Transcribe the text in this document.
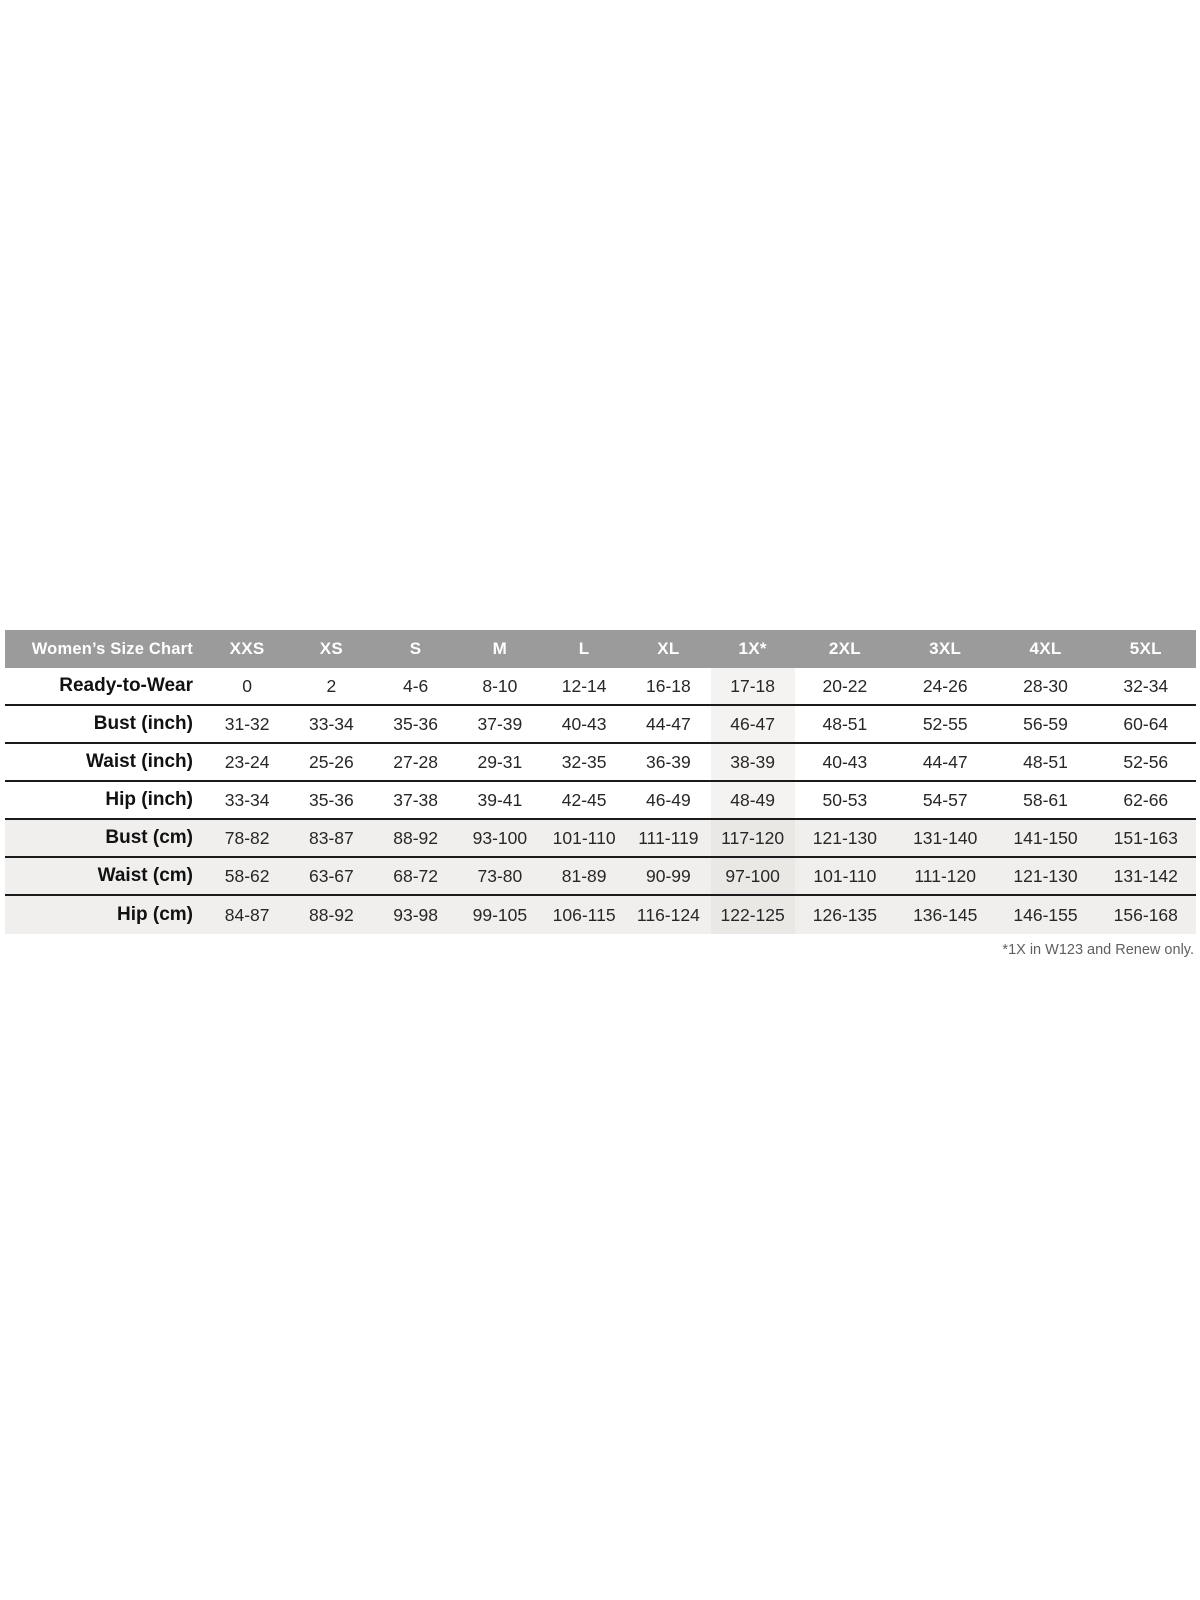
Women’s Size Chart	XXS	XS	S	M	L	XL	1X*	2XL	3XL	4XL	5XL
Ready-to-Wear	0	2	4-6	8-10	12-14	16-18	17-18	20-22	24-26	28-30	32-34
Bust (inch)	31-32	33-34	35-36	37-39	40-43	44-47	46-47	48-51	52-55	56-59	60-64
Waist (inch)	23-24	25-26	27-28	29-31	32-35	36-39	38-39	40-43	44-47	48-51	52-56
Hip (inch)	33-34	35-36	37-38	39-41	42-45	46-49	48-49	50-53	54-57	58-61	62-66
Bust (cm)	78-82	83-87	88-92	93-100	101-110	111-119	117-120	121-130	131-140	141-150	151-163
Waist (cm)	58-62	63-67	68-72	73-80	81-89	90-99	97-100	101-110	111-120	121-130	131-142
Hip (cm)	84-87	88-92	93-98	99-105	106-115	116-124	122-125	126-135	136-145	146-155	156-168
*1X in W123 and Renew only.
